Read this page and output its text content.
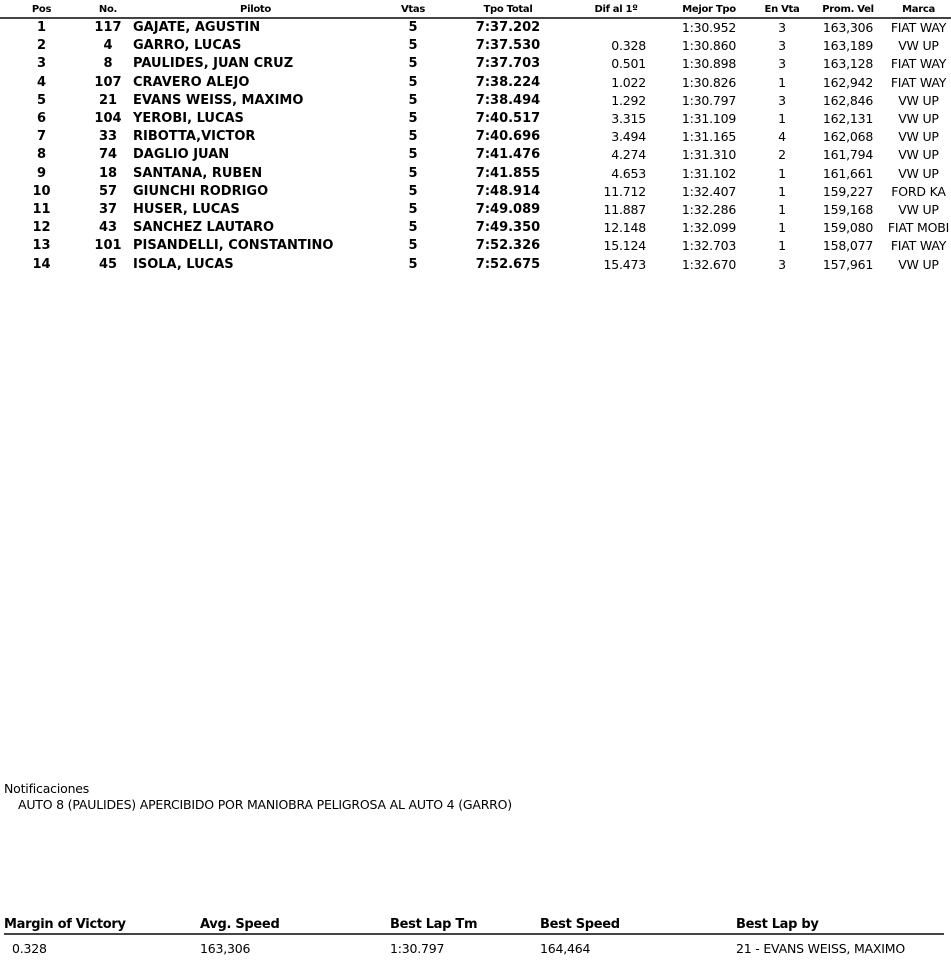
Pos	No.	Piloto	Vtas	Tpo Total	Dif al 1º	Mejor Tpo	En Vta	Prom. Vel	Marca
1	117	GAJATE, AGUSTIN	5	7:37.202		1:30.952	3	163,306	FIAT WAY
2	4	GARRO, LUCAS	5	7:37.530	0.328	1:30.860	3	163,189	VW UP
3	8	PAULIDES, JUAN CRUZ	5	7:37.703	0.501	1:30.898	3	163,128	FIAT WAY
4	107	CRAVERO ALEJO	5	7:38.224	1.022	1:30.826	1	162,942	FIAT WAY
5	21	EVANS WEISS, MAXIMO	5	7:38.494	1.292	1:30.797	3	162,846	VW UP
6	104	YEROBI, LUCAS	5	7:40.517	3.315	1:31.109	1	162,131	VW UP
7	33	RIBOTTA,VICTOR	5	7:40.696	3.494	1:31.165	4	162,068	VW UP
8	74	DAGLIO JUAN	5	7:41.476	4.274	1:31.310	2	161,794	VW UP
9	18	SANTANA, RUBEN	5	7:41.855	4.653	1:31.102	1	161,661	VW UP
10	57	GIUNCHI RODRIGO	5	7:48.914	11.712	1:32.407	1	159,227	FORD KA
11	37	HUSER, LUCAS	5	7:49.089	11.887	1:32.286	1	159,168	VW UP
12	43	SANCHEZ LAUTARO	5	7:49.350	12.148	1:32.099	1	159,080	FIAT MOBI
13	101	PISANDELLI, CONSTANTINO	5	7:52.326	15.124	1:32.703	1	158,077	FIAT WAY
14	45	ISOLA, LUCAS	5	7:52.675	15.473	1:32.670	3	157,961	VW UP
Notificaciones
AUTO 8 (PAULIDES) APERCIBIDO POR MANIOBRA PELIGROSA AL AUTO 4 (GARRO)
Margin of Victory	Avg. Speed	Best Lap Tm	Best Speed	Best Lap by
0.328	163,306	1:30.797	164,464	21 - EVANS WEISS, MAXIMO
